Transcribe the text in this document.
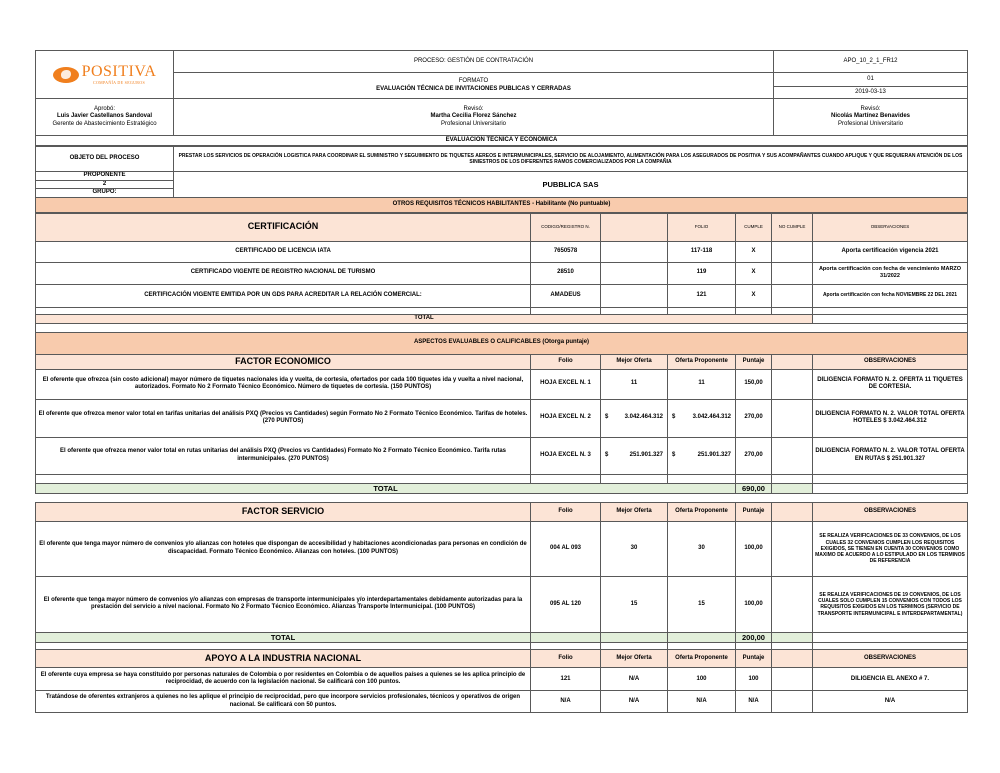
POSITIVA
COMPAÑÍA DE SEGUROS	PROCESO: GESTIÓN DE CONTRATACIÓN	APO_10_2_1_FR12

	FORMATO
EVALUACIÓN TÉCNICA DE INVITACIONES PUBLICAS Y CERRADAS	01
		2019-03-13

Aprobó:
Luis Javier Castellanos Sandoval
Gerente de Abastecimiento Estratégico

Revisó:
Martha Cecilia Florez Sánchez
Profesional Universitario

Revisó:
Nicolás Martínez Benavides
Profesional Universitario

EVALUACIÓN TÉCNICA Y ECONÓMICA		
OBJETO DEL PROCESO	PRESTAR LOS SERVICIOS DE OPERACIÓN LOGISTICA PARA COORDINAR EL SUMINISTRO Y SEGUIMIENTO DE TIQUETES AEREOS E INTERMUNICIPALES, SERVICIO DE ALOJAMIENTO, ALIMENTACIÓN PARA LOS ASEGURADOS DE POSITIVA Y SUS ACOMPAÑANTES CUANDO APLIQUE Y QUE REQUIERAN ATENCIÓN DE LOS SINIESTROS DE LOS DIFERENTES RAMOS COMERCIALIZADOS POR LA COMPAÑIA
PROPONENTE	PUBBLICA SAS
2	
GRUPO:	
OTROS REQUISITOS TÉCNICOS HABILITANTES - Habilitante (No puntuable)	
CERTIFICACIÓN	CODIGO/REGISTRO N.		FOLIO	CUMPLE	NO CUMPLE	OBSERVACIONES
CERTIFICADO DE LICENCIA IATA	7650578		117-118	X		Aporta certificación vigencia 2021
CERTIFICADO VIGENTE DE REGISTRO NACIONAL DE TURISMO	28510		119	X		Aporta certificación con fecha de vencimiento MARZO 31/2022
CERTIFICACIÓN VIGENTE EMITIDA POR UN GDS PARA ACREDITAR LA RELACIÓN COMERCIAL:	AMADEUS		121	X		Aporta certificación con fecha NOVIEMBRE 22 DEL 2021

TOTAL						

ASPECTOS EVALUABLES O CALIFICABLES (Otorga puntaje)						
FACTOR ECONOMICO	Folio	Mejor Oferta	Oferta Proponente	Puntaje		OBSERVACIONES
El oferente que ofrezca (sin costo adicional) mayor número de tiquetes nacionales ida y vuelta, de cortesia, ofertados por cada 100 tiquetes ida y vuelta a nivel nacional, autorizados. Formato No 2 Formato Técnico Económico. Número de tiquetes de cortesia. (150 PUNTOS)	HOJA EXCEL N. 1	11	11	150,00		DILIGENCIA FORMATO N. 2. OFERTA 11 TIQUETES DE CORTESIA.
El oferente que ofrezca menor valor total en tarifas unitarias del análisis PXQ (Precios vs Cantidades) según Formato No 2 Formato Técnico Económico. Tarifas de hoteles. (270 PUNTOS)	HOJA EXCEL N. 2	$ 3.042.464.312	$ 3.042.464.312	270,00		DILIGENCIA FORMATO N. 2. VALOR TOTAL OFERTA HOTELES $ 3.042.464.312
El oferente que ofrezca menor valor total en rutas unitarias del análisis PXQ (Precios vs Cantidades) Formato No 2 Formato Técnico Económico. Tarifa rutas intermunicipales. (270 PUNTOS)	HOJA EXCEL N. 3	$ 251.901.327	$ 251.901.327	270,00		DILIGENCIA FORMATO N. 2. VALOR TOTAL OFERTA EN RUTAS $ 251.901.327

TOTAL				690,00		
FACTOR SERVICIO	Folio	Mejor Oferta	Oferta Proponente	Puntaje		OBSERVACIONES
El oferente que tenga mayor número de convenios y/o alianzas con hoteles que dispongan de accesibilidad y habitaciones acondicionadas para personas en condición de discapacidad. Formato Técnico Económico. Alianzas con hoteles. (100 PUNTOS)	004 AL 093	30	30	100,00		SE REALIZA VERIFICACIONES DE 33 CONVENIOS, DE LOS CUALES 32 CONVENIOS CUMPLEN LOS REQUISITOS EXIGIDOS, SE TIENEN EN CUENTA 30 CONVENIOS COMO MAXIMO DE ACUERDO A LO ESTIPULADO EN LOS TERMINOS DE REFERENCIA
El oferente que tenga mayor número de convenios y/o alianzas con empresas de transporte intermunicipales y/o interdepartamentales debidamente autorizadas para la prestación del servicio a nivel nacional. Formato No 2 Formato Técnico Económico. Alianzas Transporte Intermunicipal. (100 PUNTOS)	095 AL 120	15	15	100,00		SE REALIZA VERIFICACIONES DE 19 CONVENIOS, DE LOS CUALES SOLO CUMPLEN 15 CONVENIOS CON TODOS LOS REQUISITOS EXIGIDOS EN LOS TERMINOS (SERVICIO DE TRANSPORTE INTERMUNICIPAL E INTERDEPARTAMENTAL)
TOTAL				200,00		

APOYO A LA INDUSTRIA NACIONAL	Folio	Mejor Oferta	Oferta Proponente	Puntaje		OBSERVACIONES
El oferente cuya empresa se haya constituido por personas naturales de Colombia o por residentes en Colombia o de aquellos países a quienes se les aplica principio de reciprocidad, de acuerdo con la legislación nacional. Se calificará con 100 puntos.	121	N/A	100	100		DILIGENCIA EL ANEXO # 7.
Tratándose de oferentes extranjeros a quienes no les aplique el principio de reciprocidad, pero que incorpore servicios profesionales, técnicos y operativos de origen nacional. Se calificará con 50 puntos.	N/A	N/A	N/A	N/A		N/A
